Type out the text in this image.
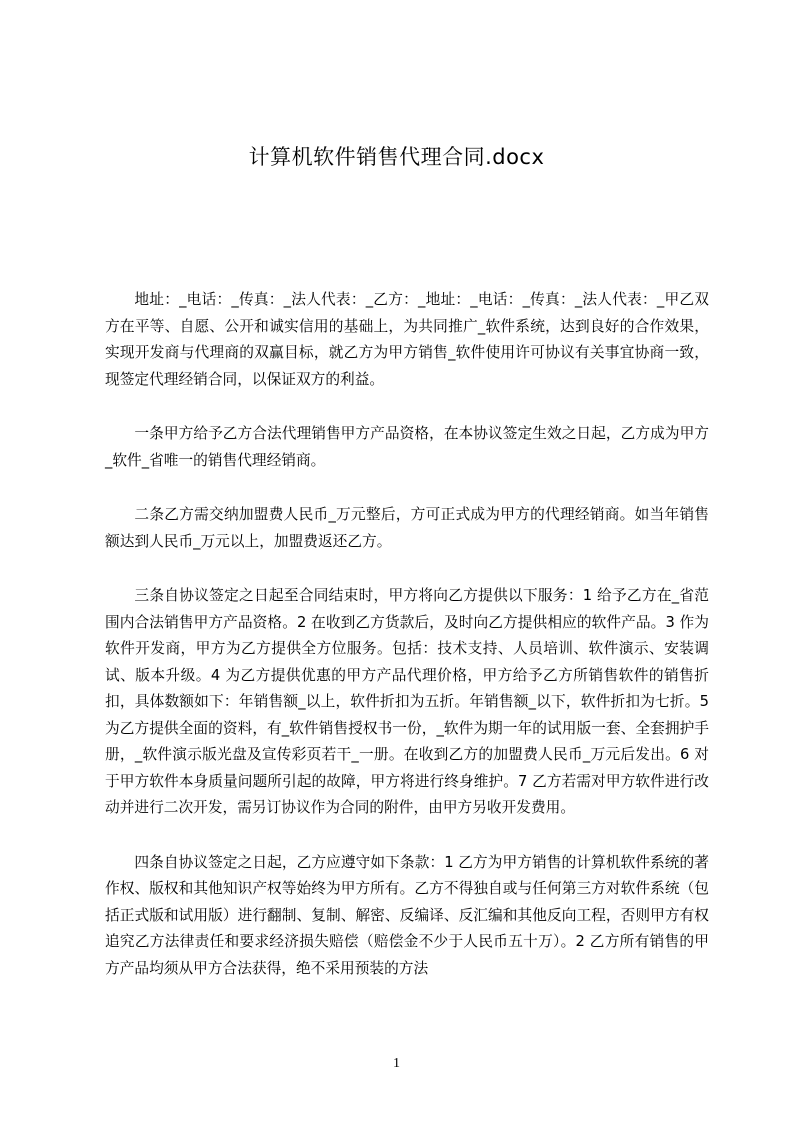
计算机软件销售代理合同.docx

地址：_电话：_传真：_法人代表：_乙方：_地址：_电话：_传真：_法人代表：_甲乙双方在平等、自愿、公开和诚实信用的基础上，为共同推广_软件系统，达到良好的合作效果，实现开发商与代理商的双赢目标，就乙方为甲方销售_软件使用许可协议有关事宜协商一致，现签定代理经销合同，以保证双方的利益。

一条甲方给予乙方合法代理销售甲方产品资格，在本协议签定生效之日起，乙方成为甲方_软件_省唯一的销售代理经销商。

二条乙方需交纳加盟费人民币_万元整后，方可正式成为甲方的代理经销商。如当年销售额达到人民币_万元以上，加盟费返还乙方。

三条自协议签定之日起至合同结束时，甲方将向乙方提供以下服务：1 给予乙方在_省范围内合法销售甲方产品资格。2 在收到乙方货款后，及时向乙方提供相应的软件产品。3 作为软件开发商，甲方为乙方提供全方位服务。包括：技术支持、人员培训、软件演示、安装调试、版本升级。4 为乙方提供优惠的甲方产品代理价格，甲方给予乙方所销售软件的销售折扣，具体数额如下：年销售额_以上，软件折扣为五折。年销售额_以下，软件折扣为七折。5 为乙方提供全面的资料，有_软件销售授权书一份，_软件为期一年的试用版一套、全套拥护手册，_软件演示版光盘及宣传彩页若干_一册。在收到乙方的加盟费人民币_万元后发出。6 对于甲方软件本身质量问题所引起的故障，甲方将进行终身维护。7 乙方若需对甲方软件进行改动并进行二次开发，需另订协议作为合同的附件，由甲方另收开发费用。

四条自协议签定之日起，乙方应遵守如下条款：1 乙方为甲方销售的计算机软件系统的著作权、版权和其他知识产权等始终为甲方所有。乙方不得独自或与任何第三方对软件系统（包括正式版和试用版）进行翻制、复制、解密、反编译、反汇编和其他反向工程，否则甲方有权追究乙方法律责任和要求经济损失赔偿（赔偿金不少于人民币五十万）。2 乙方所有销售的甲方产品均须从甲方合法获得，绝不采用预装的方法

1
